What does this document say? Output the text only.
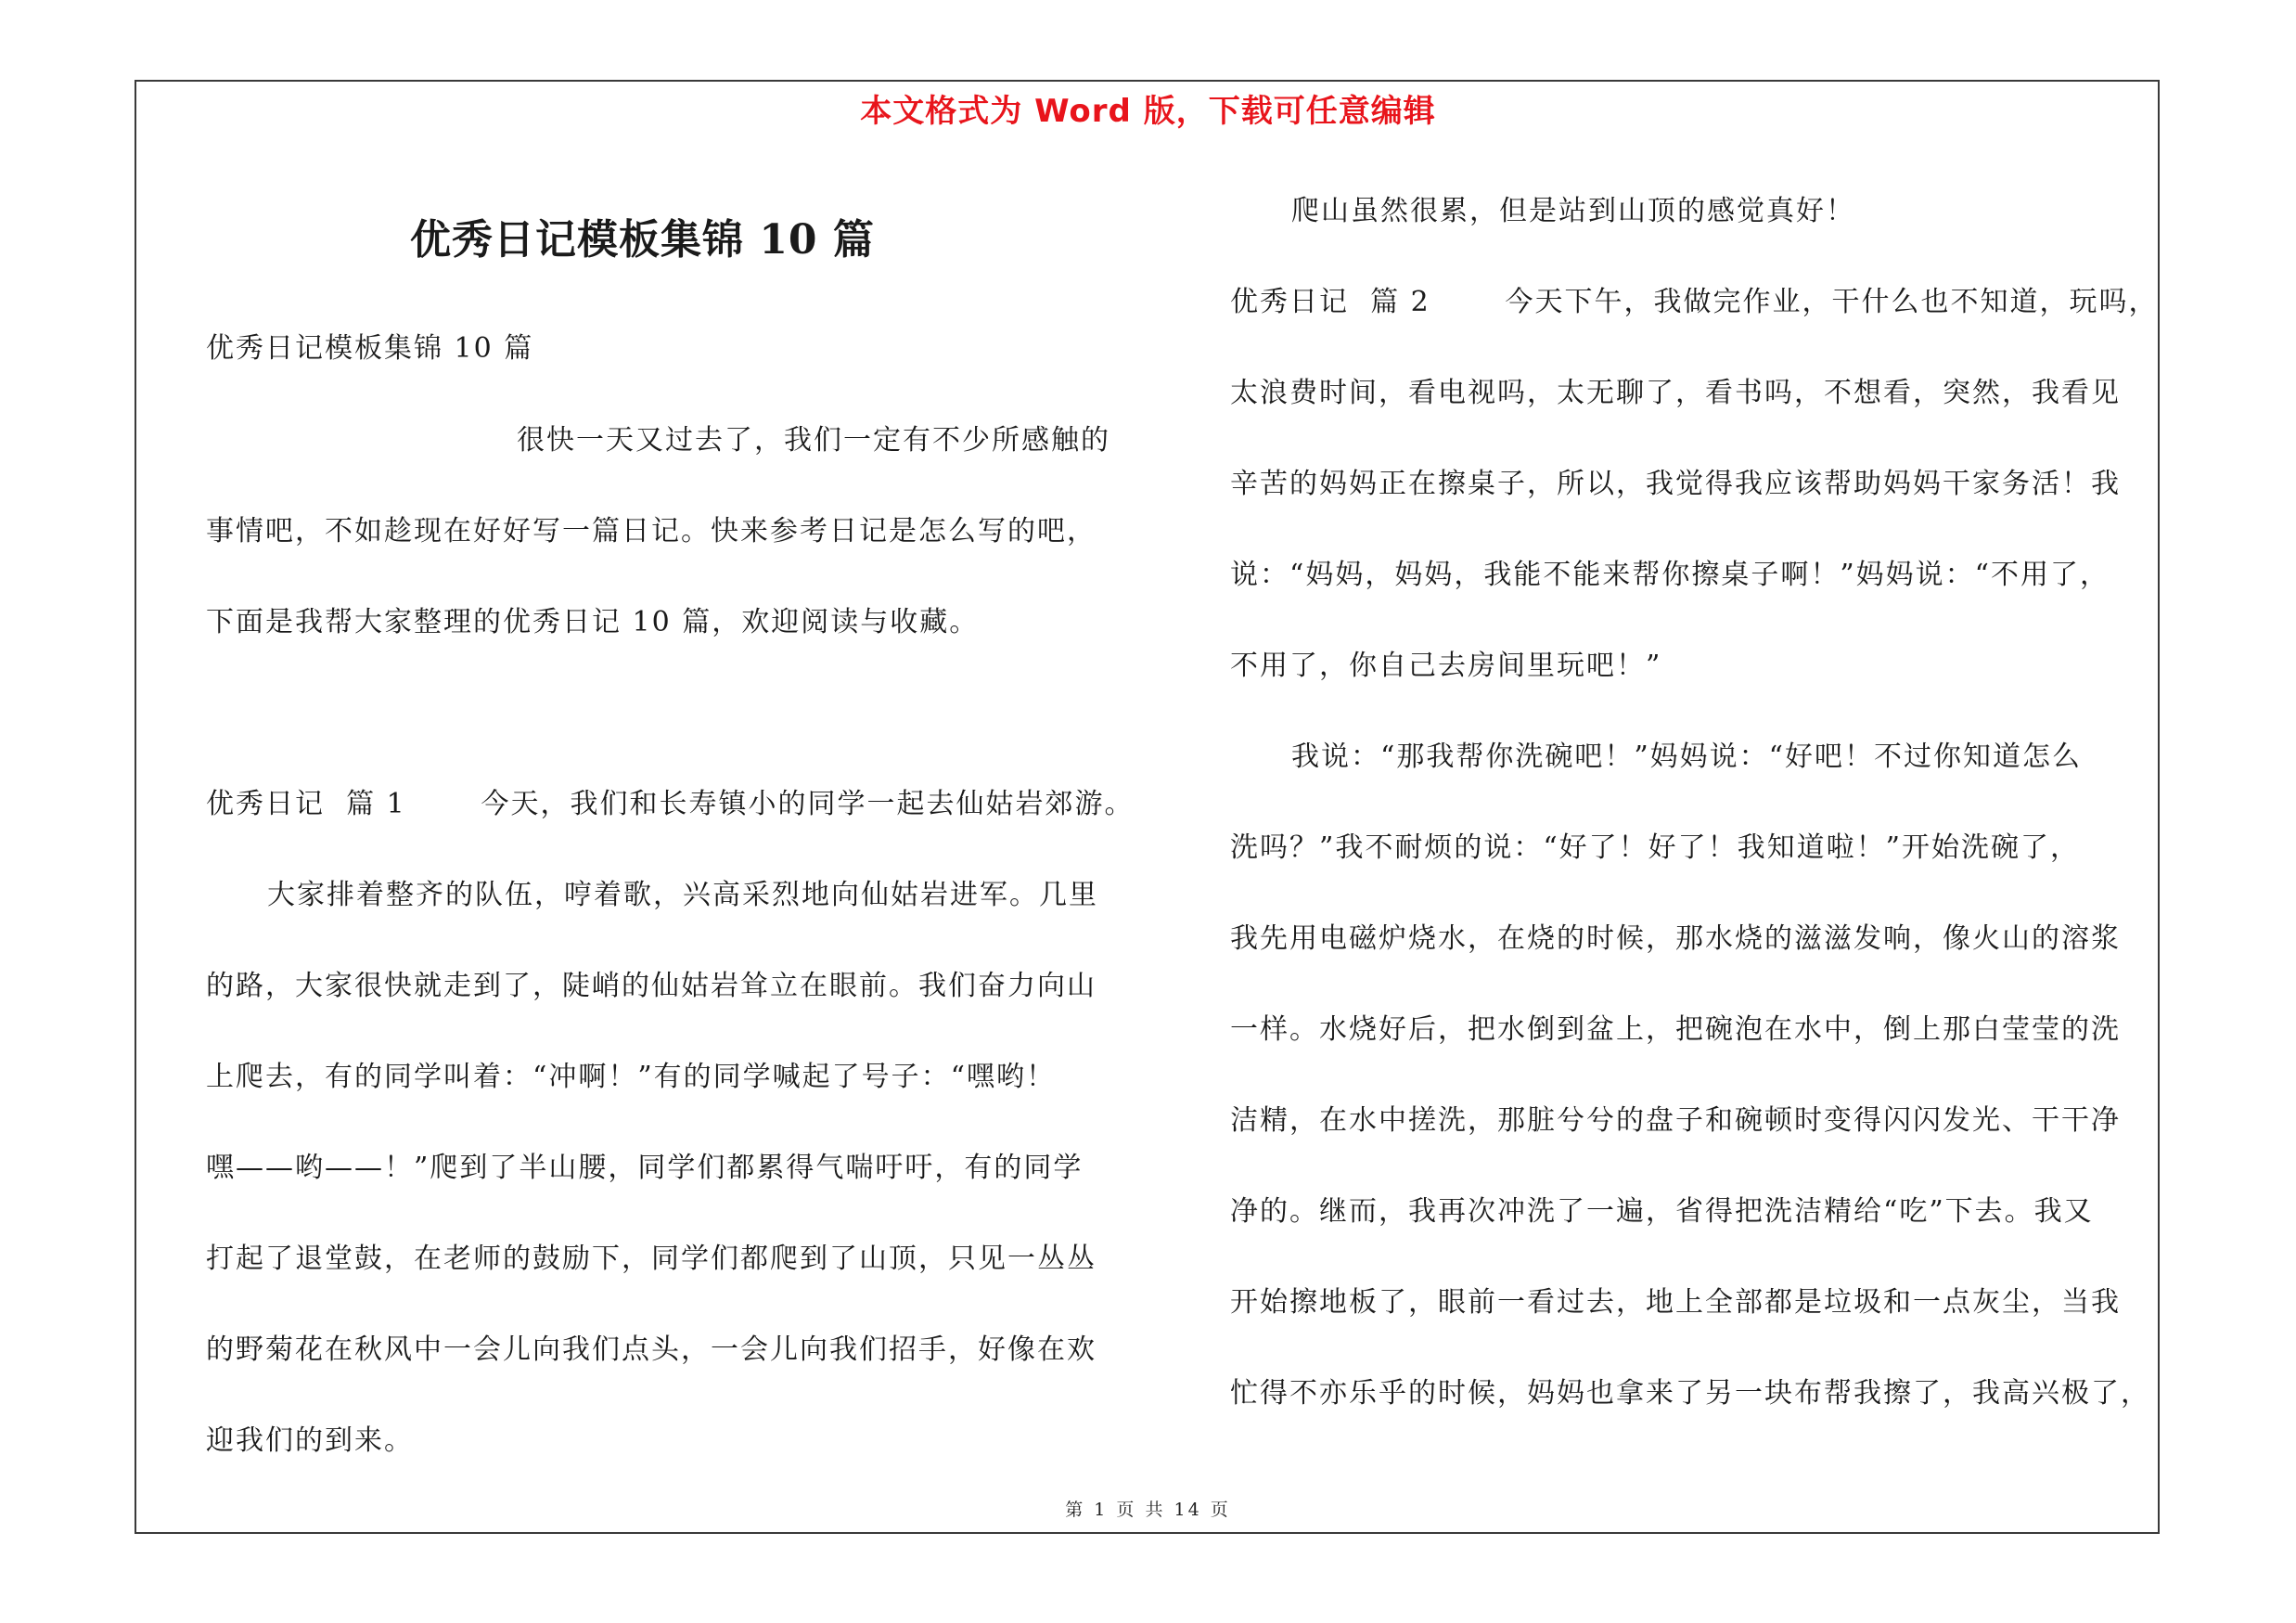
本文格式为 Word 版，下载可任意编辑
优秀日记模板集锦 10 篇
优秀日记模板集锦 10 篇
很快一天又过去了，我们一定有不少所感触的
事情吧，不如趁现在好好写一篇日记。快来参考日记是怎么写的吧，
下面是我帮大家整理的优秀日记 10 篇，欢迎阅读与收藏。
优秀日记  篇 1       今天，我们和长寿镇小的同学一起去仙姑岩郊游。
大家排着整齐的队伍，哼着歌，兴高采烈地向仙姑岩进军。几里
的路，大家很快就走到了，陡峭的仙姑岩耸立在眼前。我们奋力向山
上爬去，有的同学叫着：“冲啊！”有的同学喊起了号子：“嘿哟！
嘿——哟——！”爬到了半山腰，同学们都累得气喘吁吁，有的同学
打起了退堂鼓，在老师的鼓励下，同学们都爬到了山顶，只见一丛丛
的野菊花在秋风中一会儿向我们点头，一会儿向我们招手，好像在欢
迎我们的到来。
爬山虽然很累，但是站到山顶的感觉真好！
优秀日记  篇 2       今天下午，我做完作业，干什么也不知道，玩吗，
太浪费时间，看电视吗，太无聊了，看书吗，不想看，突然，我看见
辛苦的妈妈正在擦桌子，所以，我觉得我应该帮助妈妈干家务活！我
说：“妈妈，妈妈，我能不能来帮你擦桌子啊！”妈妈说：“不用了，
不用了，你自己去房间里玩吧！”
我说：“那我帮你洗碗吧！”妈妈说：“好吧！不过你知道怎么
洗吗？”我不耐烦的说：“好了！好了！我知道啦！”开始洗碗了，
我先用电磁炉烧水，在烧的时候，那水烧的滋滋发响，像火山的溶浆
一样。水烧好后，把水倒到盆上，把碗泡在水中，倒上那白莹莹的洗
洁精，在水中搓洗，那脏兮兮的盘子和碗顿时变得闪闪发光、干干净
净的。继而，我再次冲洗了一遍，省得把洗洁精给“吃”下去。我又
开始擦地板了，眼前一看过去，地上全部都是垃圾和一点灰尘，当我
忙得不亦乐乎的时候，妈妈也拿来了另一块布帮我擦了，我高兴极了，
第 1 页 共 14 页
